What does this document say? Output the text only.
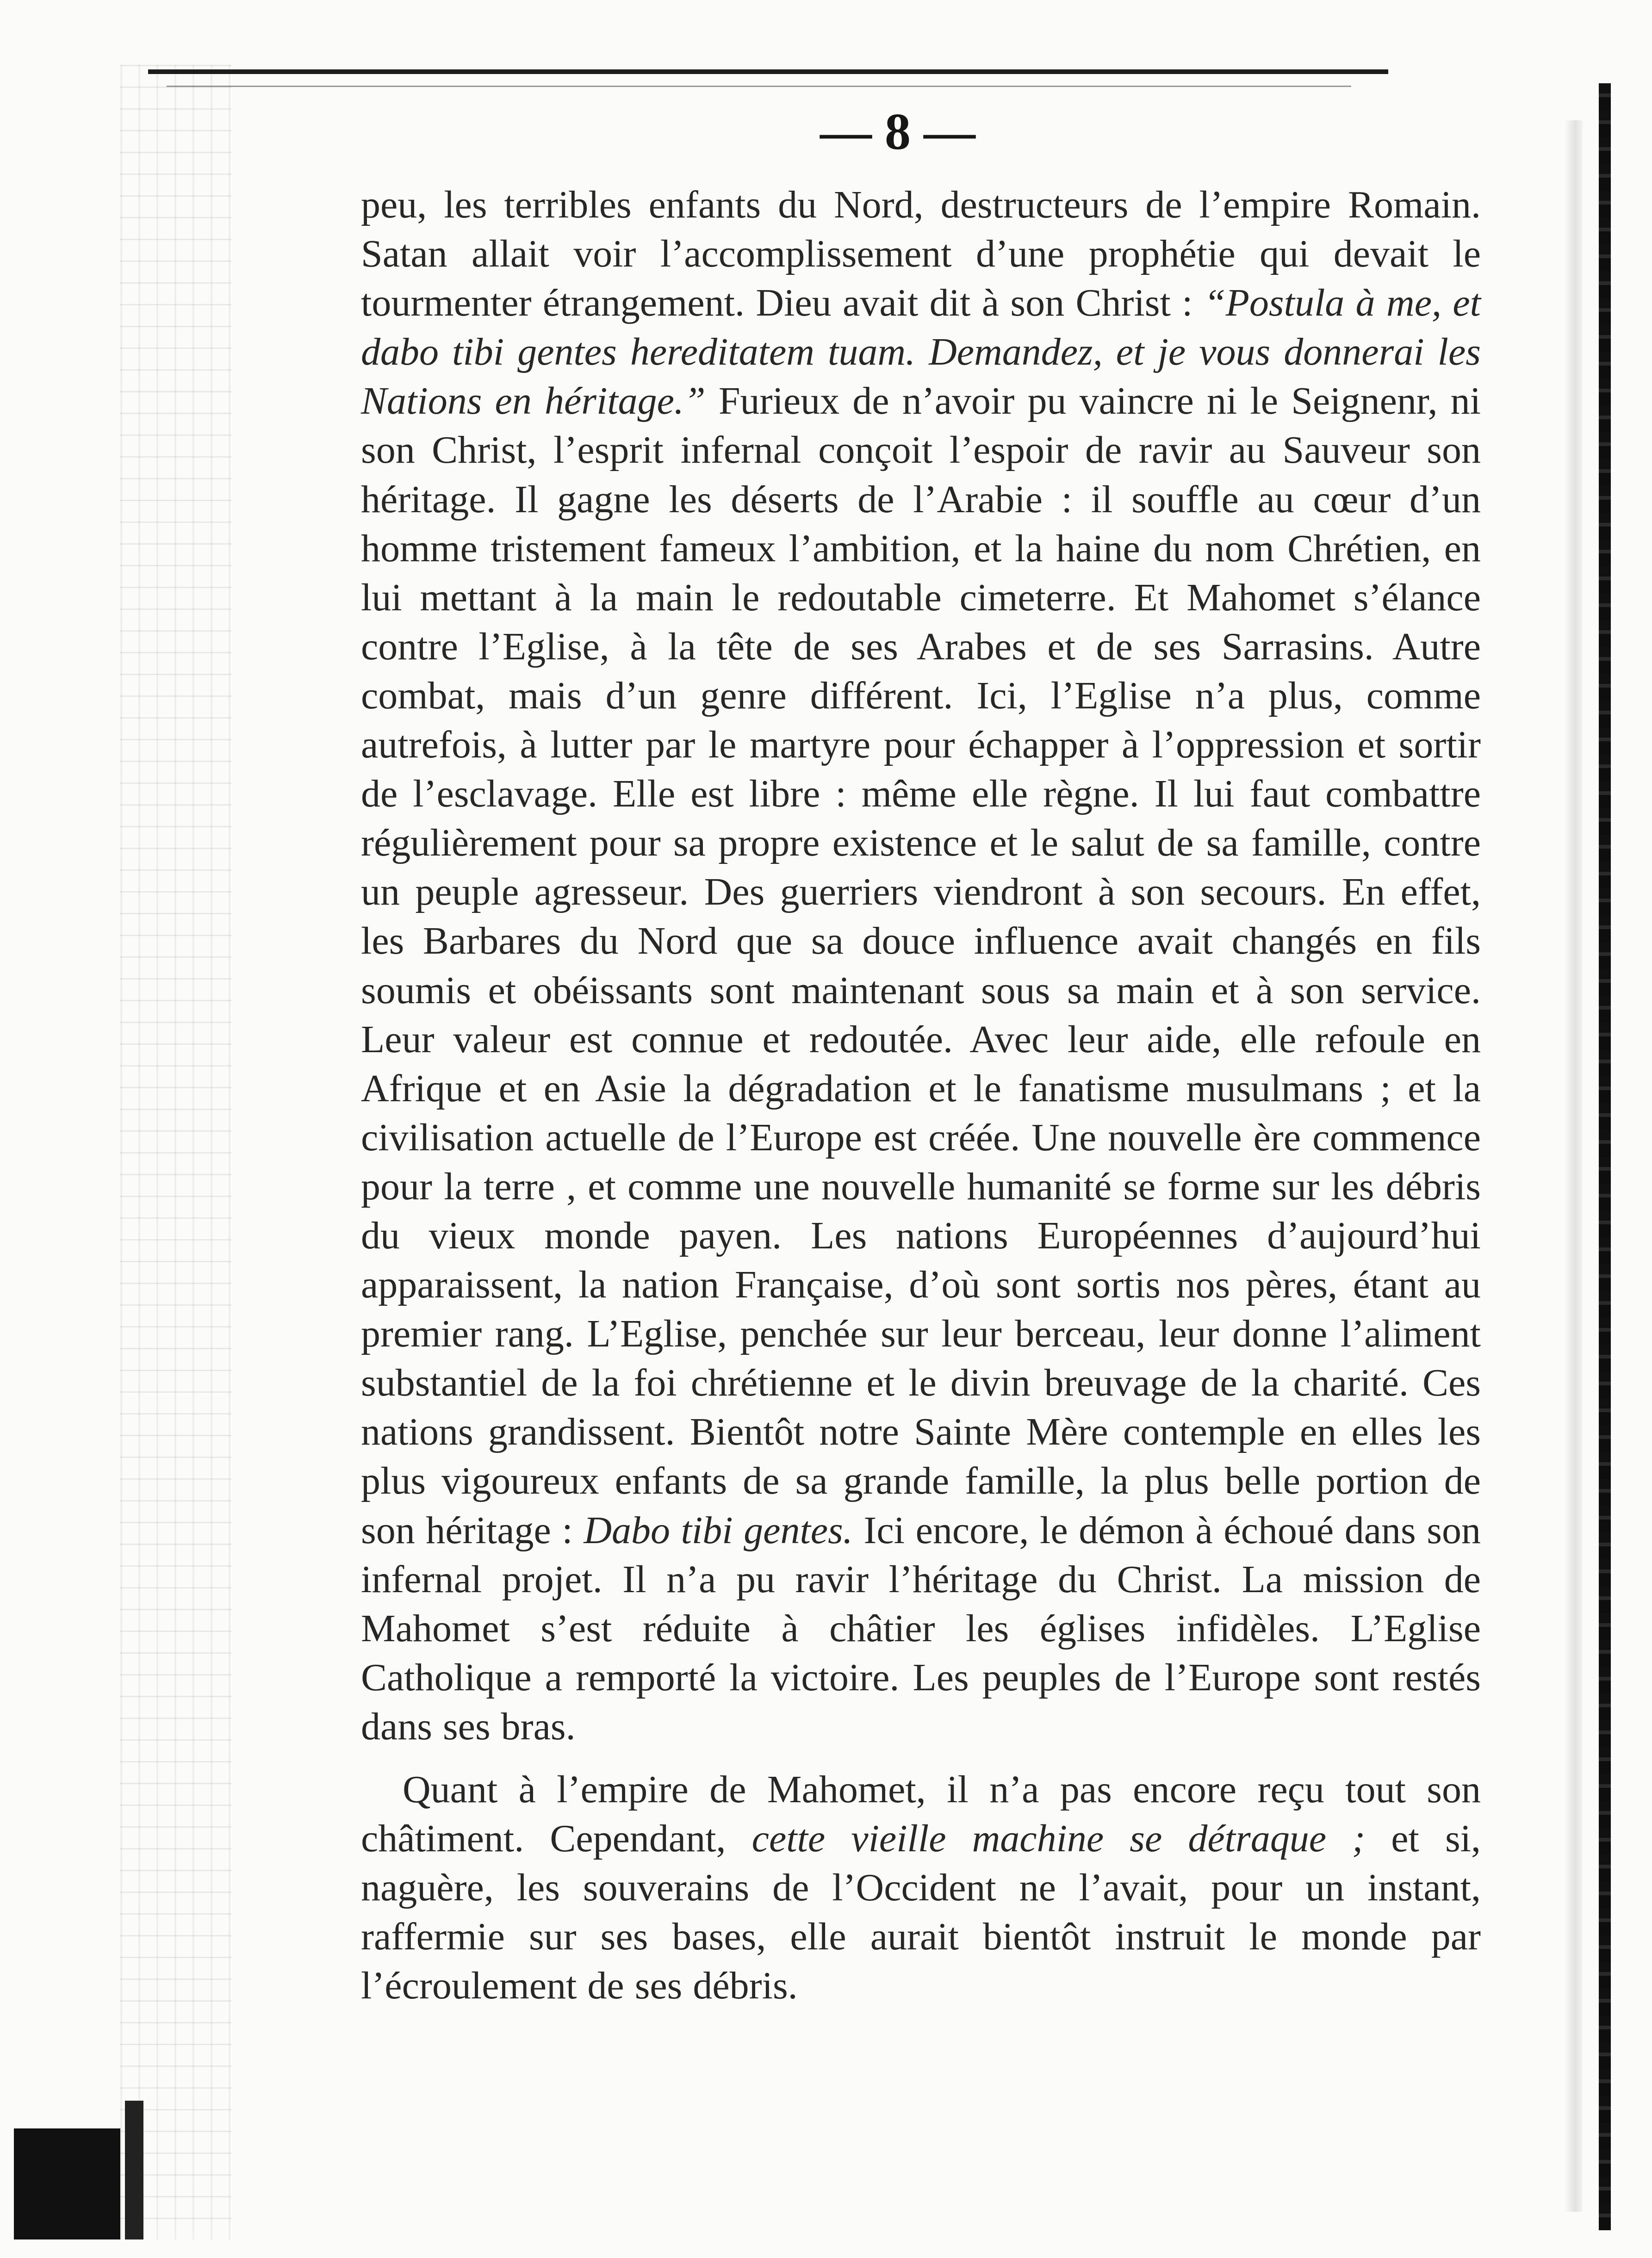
— 8 —

peu, les terribles enfants du Nord, destructeurs de l’empire Romain. Satan allait voir l’accomplissement d’une prophétie qui devait le tourmenter étrangement. Dieu avait dit à son Christ : “Postula à me, et dabo tibi gentes hereditatem tuam. Demandez, et je vous donnerai les Nations en héritage.” Furieux de n’avoir pu vaincre ni le Seignenr, ni son Christ, l’esprit infernal conçoit l’espoir de ravir au Sauveur son héritage. Il gagne les déserts de l’Arabie : il souffle au cœur d’un homme tristement fameux l’ambition, et la haine du nom Chrétien, en lui mettant à la main le redoutable cimeterre. Et Mahomet s’élance contre l’Eglise, à la tête de ses Arabes et de ses Sarrasins. Autre combat, mais d’un genre différent. Ici, l’Eglise n’a plus, comme autrefois, à lutter par le martyre pour échapper à l’oppression et sortir de l’esclavage. Elle est libre : même elle règne. Il lui faut combattre régulièrement pour sa propre existence et le salut de sa famille, contre un peuple agresseur. Des guerriers viendront à son secours. En effet, les Barbares du Nord que sa douce influence avait changés en fils soumis et obéissants sont maintenant sous sa main et à son service. Leur valeur est connue et redoutée. Avec leur aide, elle refoule en Afrique et en Asie la dégradation et le fanatisme musulmans ; et la civilisation actuelle de l’Europe est créée. Une nouvelle ère commence pour la terre , et comme une nouvelle humanité se forme sur les débris du vieux monde payen. Les nations Européennes d’aujourd’hui apparaissent, la nation Française, d’où sont sortis nos pères, étant au premier rang. L’Eglise, penchée sur leur berceau, leur donne l’aliment substantiel de la foi chrétienne et le divin breuvage de la charité. Ces nations grandissent. Bientôt notre Sainte Mère contemple en elles les plus vigoureux enfants de sa grande famille, la plus belle portion de son héritage : Dabo tibi gentes. Ici encore, le démon à échoué dans son infernal projet. Il n’a pu ravir l’héritage du Christ. La mission de Mahomet s’est réduite à châtier les églises infidèles. L’Eglise Catholique a remporté la victoire. Les peuples de l’Europe sont restés dans ses bras.

Quant à l’empire de Mahomet, il n’a pas encore reçu tout son châtiment. Cependant, cette vieille machine se détraque ; et si, naguère, les souverains de l’Occident ne l’avait, pour un instant, raffermie sur ses bases, elle aurait bientôt instruit le monde par l’écroulement de ses débris.
